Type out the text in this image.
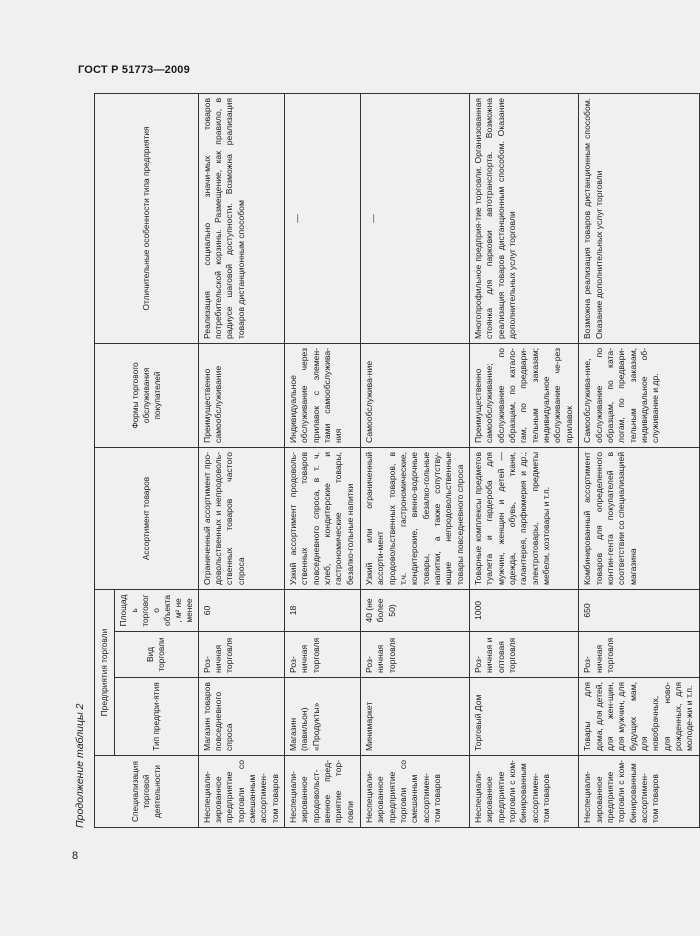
ГОСТ Р 51773—2009
Продолжение таблицы 2	Специализация торговой деятельности	Предприятия торговли			Ассортимент товаров	Формы торгового обслуживания покупателей	Отличительные особенности типа предприятия
	Тип предпри-ятия	Вид торговли	Площадь торгового объекта, м² не менее			
Неспециали-зированное предприятие торговли со смешанным ассортимен-том товаров	Магазин товаров повседневного спроса	Роз-ничная торговля	60	Ограниченный ассортимент про-довольственных и непродоволь-ственных товаров частого спроса	Преимущественно самообслуживание	Реализация социально значи-мых товаров потребительской корзины. Размещение, как правило, в радиусе шаговой доступности. Возможна реализация товаров дистанционным способом
Неспециали-зированное продовольст-венное пред-приятие тор-говли	Магазин (павильон) «Продукты»	Роз-ничная торговля	18	Узкий ассортимент продоволь-ственных товаров повседневного спроса, в т. ч. хлеб, кондитерские и гастрономические товары, безалко-гольные напитки	Индивидуальное обслуживание через прилавок с элемен-тами самообслужива-ния	—

Неспециали-зированное предприятие торговли со смешанным ассортимен-том товаров	Минимаркет	Роз-ничная торговля	40 (не более 50)	Узкий или ограниченный ассорти-мент продовольственных товаров, в т.ч. гастрономические, кондитерские, винно-водочные товары, безалко-гольные напитки, а также сопутству-ющие непродовольственные товары повседневного спроса	Самообслужива-ние	—

Неспециали-зированное предприятие торговли с ком-бинированным ассортимен-том товаров	Торговый Дом	Роз-ничная и оптовая торговля	1000	Товарные комплексы предметов туалета и гардероба для мужчин, женщин и детей — одежда, обувь, ткани, галантерея, парфюмерия и др.; электротовары, предметы мебели, хозтовары и т.п.	Преимущественно самообслуживание; обслуживание по образцам, по катало-гам, по предвари-тельным заказам; индивидуальное обслуживание че-рез прилавок	Многопрофильное предприя-тие торговли. Организованная стоянка для парковки автотранспорта. Возможна реализация товаров дистанционным способом. Оказание дополнительных услуг торговли
Неспециали-зированное предприятие торговли с ком-бинированным ассортимен-том товаров	Товары для дома, для детей, для жен-щин, для мужчин, для будущих мам, для новобрачных, для ново-рожденных, для молоде-жи и т.п.	Роз-ничная торговля	650	Комбинированный ассортимент товаров для определенного контин-гента покупателей в соответствии со специализацией магазина	Самообслужива-ние, обслуживание по образцам, по ката-логам, по предвари-тельным заказам, индивидуальное об-служивание и др.	Возможна реализация товаров дистанционным способом. Оказание дополнительных услуг торговли
8
